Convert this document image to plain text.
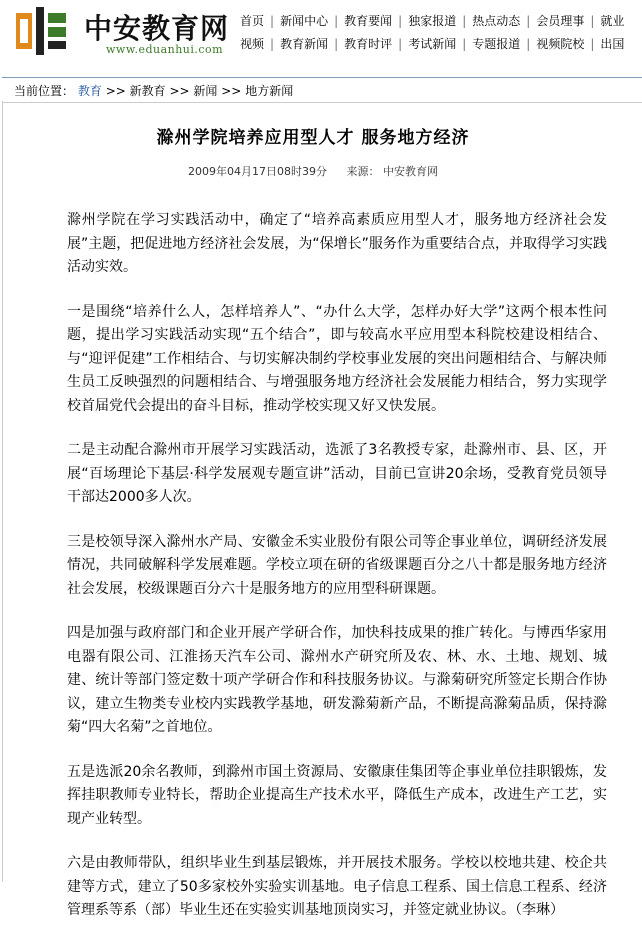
中安教育网
www.eduanhui.com
首页 | 新闻中心 | 教育要闻 | 独家报道 | 热点动态 | 会员理事 | 就业
视频 | 教育新闻 | 教育时评 | 考试新闻 | 专题报道 | 视频院校 | 出国
当前位置： 教育 >> 新教育 >> 新闻 >> 地方新闻
滁州学院培养应用型人才 服务地方经济
2009年04月17日08时39分 来源： 中安教育网

滁州学院在学习实践活动中，确定了“培养高素质应用型人才，服务地方经济社会发展”主题，把促进地方经济社会发展，为“保增长”服务作为重要结合点，并取得学习实践活动实效。

一是围绕“培养什么人，怎样培养人”、“办什么大学，怎样办好大学”这两个根本性问题，提出学习实践活动实现“五个结合”，即与较高水平应用型本科院校建设相结合、与“迎评促建”工作相结合、与切实解决制约学校事业发展的突出问题相结合、与解决师生员工反映强烈的问题相结合、与增强服务地方经济社会发展能力相结合，努力实现学校首届党代会提出的奋斗目标，推动学校实现又好又快发展。

二是主动配合滁州市开展学习实践活动，选派了3名教授专家，赴滁州市、县、区，开展“百场理论下基层·科学发展观专题宣讲”活动，目前已宣讲20余场，受教育党员领导干部达2000多人次。

三是校领导深入滁州水产局、安徽金禾实业股份有限公司等企事业单位，调研经济发展情况，共同破解科学发展难题。学校立项在研的省级课题百分之八十都是服务地方经济社会发展，校级课题百分六十是服务地方的应用型科研课题。

四是加强与政府部门和企业开展产学研合作，加快科技成果的推广转化。与博西华家用电器有限公司、江淮扬天汽车公司、滁州水产研究所及农、林、水、土地、规划、城建、统计等部门签定数十项产学研合作和科技服务协议。与滁菊研究所签定长期合作协议，建立生物类专业校内实践教学基地，研发滁菊新产品，不断提高滁菊品质，保持滁菊“四大名菊”之首地位。

五是选派20余名教师，到滁州市国土资源局、安徽康佳集团等企事业单位挂职锻炼，发挥挂职教师专业特长，帮助企业提高生产技术水平，降低生产成本，改进生产工艺，实现产业转型。

六是由教师带队，组织毕业生到基层锻炼，并开展技术服务。学校以校地共建、校企共建等方式，建立了50多家校外实验实训基地。电子信息工程系、国土信息工程系、经济管理系等系（部）毕业生还在实验实训基地顶岗实习，并签定就业协议。（李琳）
